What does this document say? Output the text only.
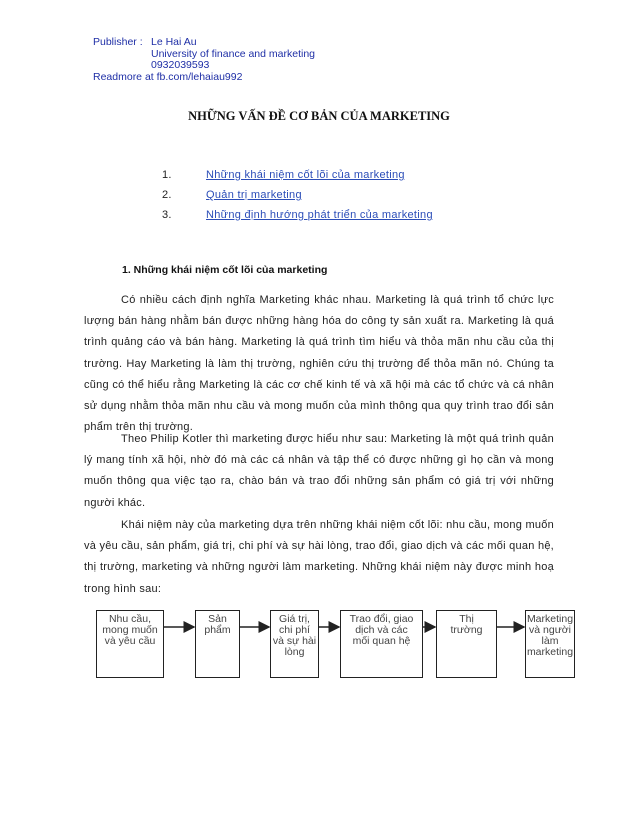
Publisher : Le Hai Au
University of finance and marketing
0932039593
Readmore at fb.com/lehaiau992
NHỮNG VẤN ĐỀ CƠ BẢN CỦA MARKETING
1.	Những khái niệm cốt lõi của marketing
2.	Quản trị marketing
3.	Những định hướng phát triển của marketing
1. Những khái niệm cốt lõi của marketing

Có nhiều cách định nghĩa Marketing khác nhau. Marketing là quá trình tổ chức lực lượng bán hàng nhằm bán được những hàng hóa do công ty sản xuất ra. Marketing là quá trình quảng cáo và bán hàng. Marketing là quá trình tìm hiểu và thỏa mãn nhu cầu của thị trường. Hay Marketing là làm thị trường, nghiên cứu thị trường để thỏa mãn nó. Chúng ta cũng có thể hiểu rằng Marketing là các cơ chế kinh tế và xã hội mà các tổ chức và cá nhân sử dụng nhằm thỏa mãn nhu cầu và mong muốn của mình thông qua quy trình trao đổi sản phẩm trên thị trường.

Theo Philip Kotler thì marketing được hiểu như sau: Marketing là một quá trình quản lý mang tính xã hội, nhờ đó mà các cá nhân và tập thể có được những gì họ cần và mong muốn thông qua việc tạo ra, chào bán và trao đổi những sản phẩm có giá trị với những người khác.

Khái niệm này của marketing dựa trên những khái niệm cốt lõi: nhu cầu, mong muốn và yêu cầu, sản phẩm, giá trị, chi phí và sự hài lòng, trao đổi, giao dịch và các mối quan hệ, thị trường, marketing và những người làm marketing. Những khái niệm này được minh hoạ trong hình sau:

Nhu cầu,
mong muốn
và yêu cầu
Sản
phẩm
Giá trị,
chi phí
và sự hài
lòng
Trao đổi, giao
dịch và các
mối quan hệ
Thị
trường
Marketing
và người
làm
marketing
